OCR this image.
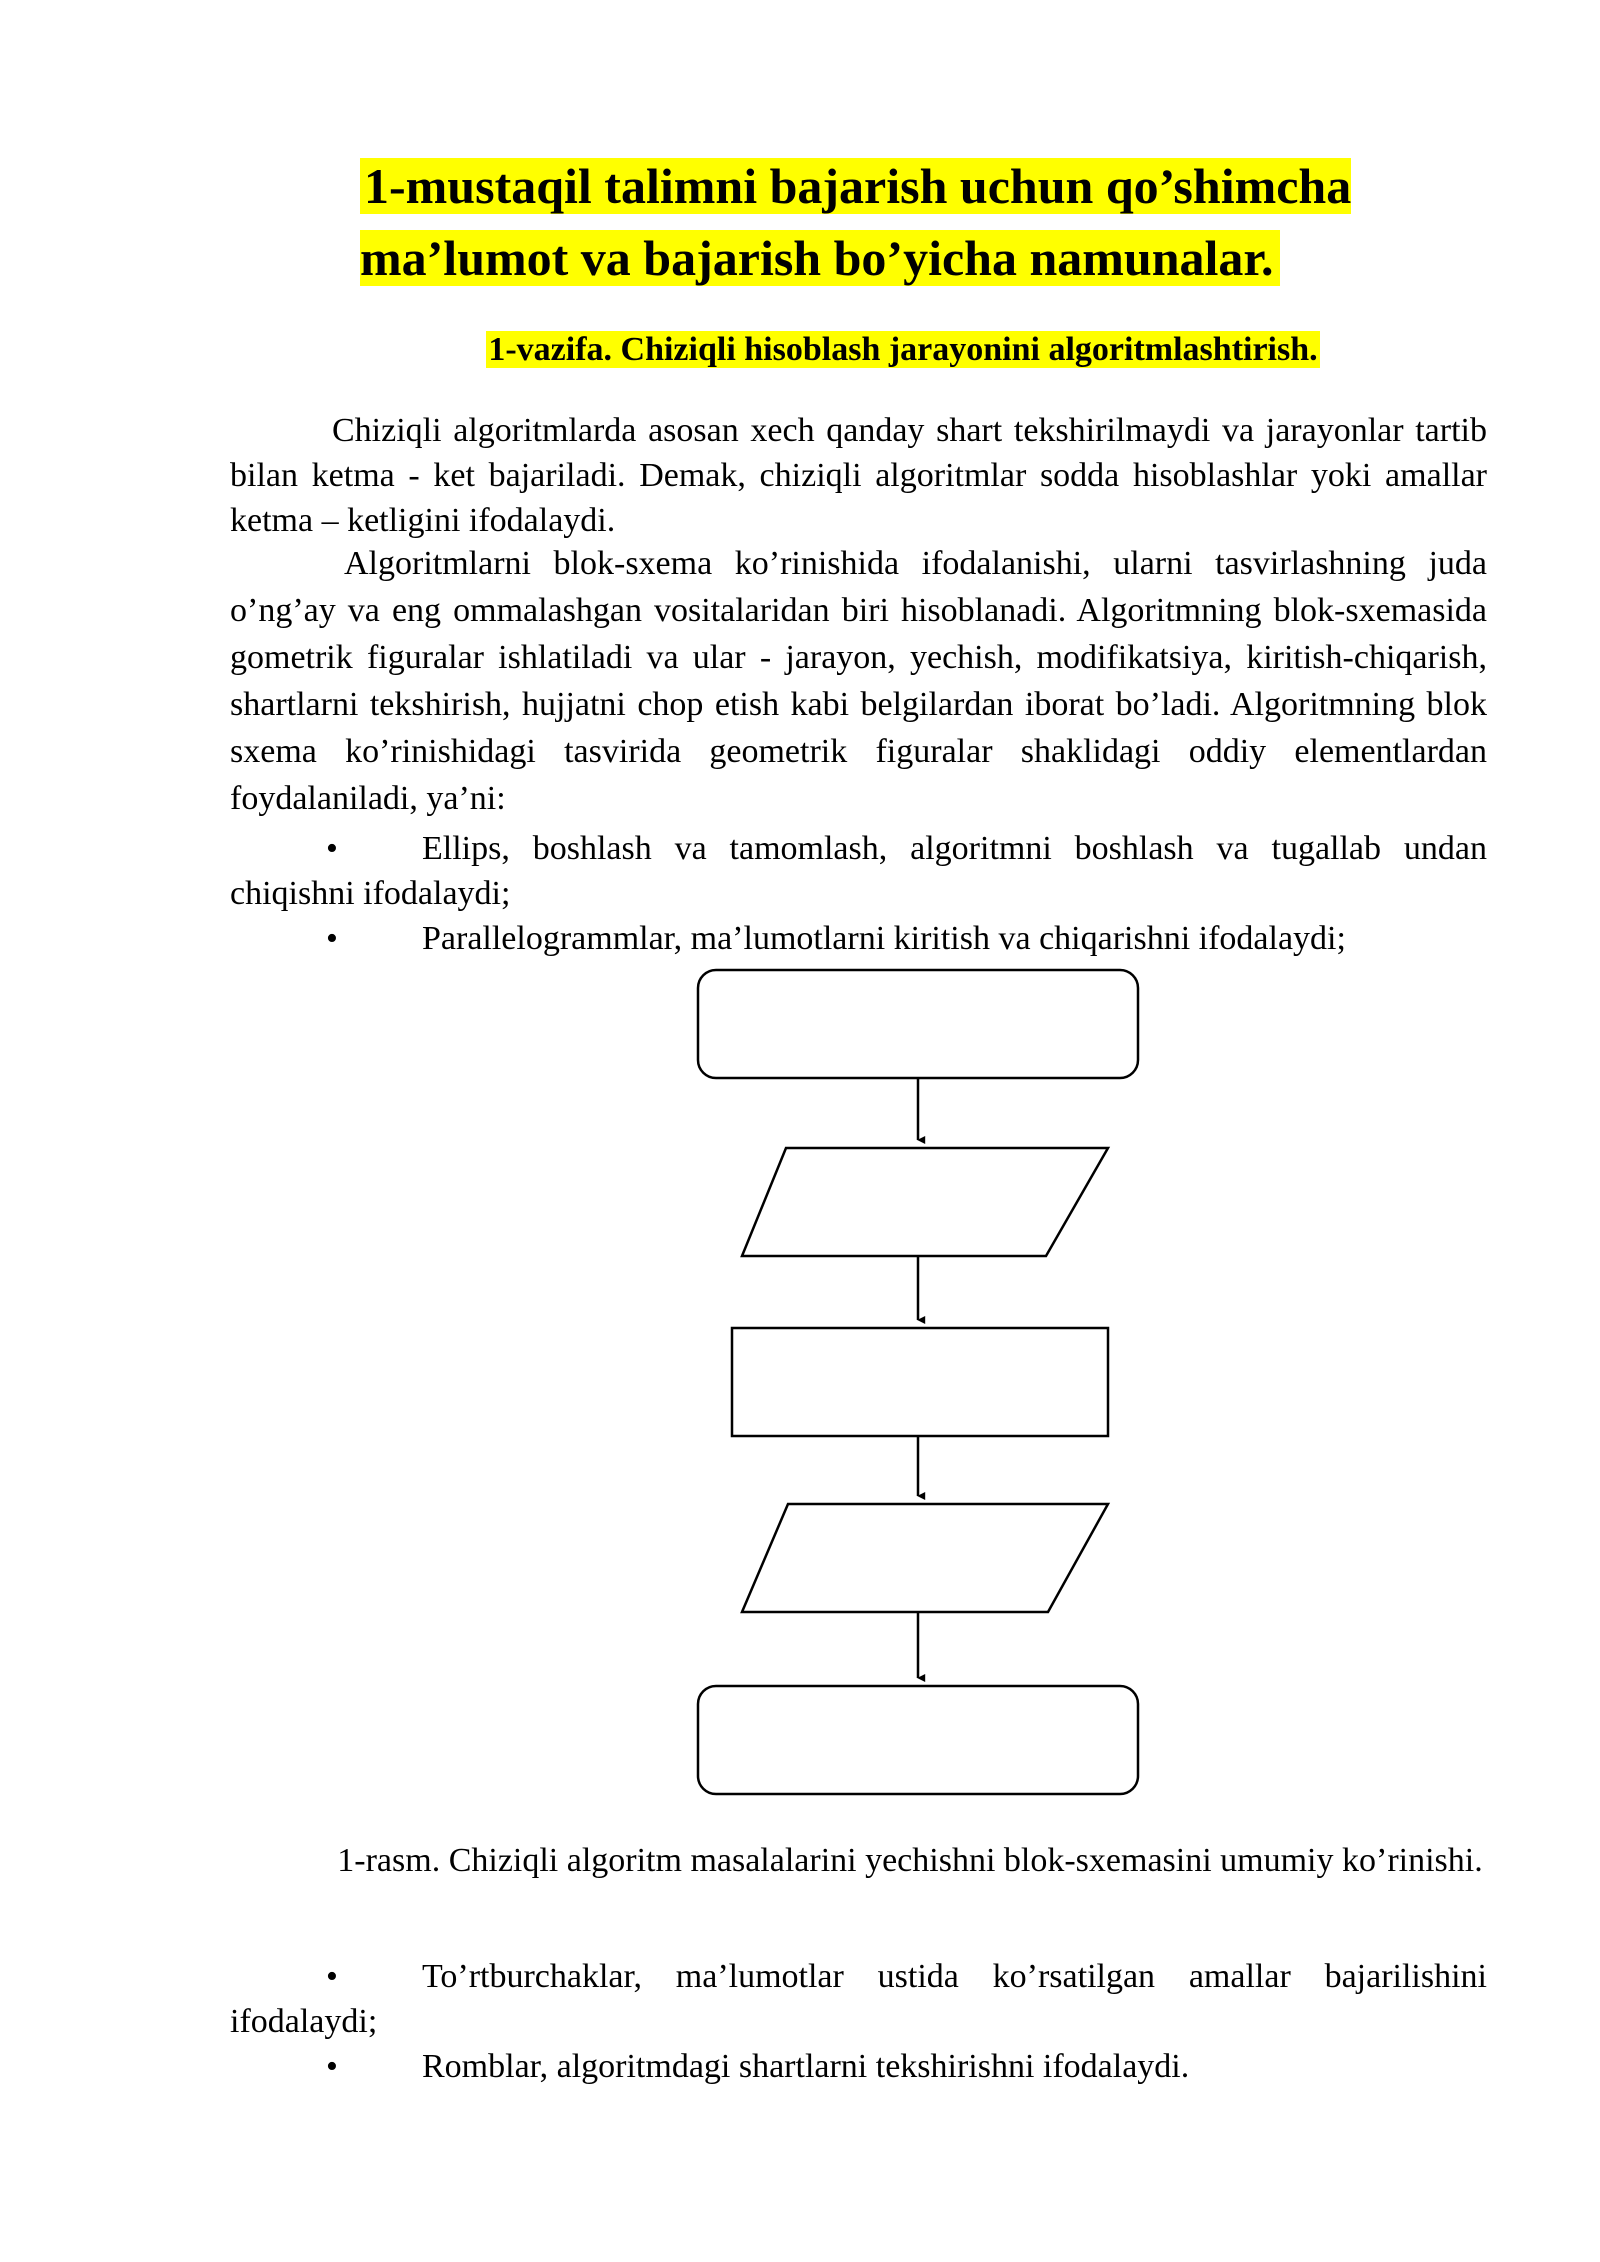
1-mustaqil talimni bajarish uchun qo’shimcha ma’lumot va bajarish bo’yicha namunalar.
1-vazifa. Chiziqli hisoblash jarayonini algoritmlashtirish.
Chiziqli algoritmlarda asosan xech qanday shart tekshirilmaydi va jarayonlar tartib bilan ketma - ket bajariladi. Demak, chiziqli algoritmlar sodda hisoblashlar yoki amallar ketma – ketligini ifodalaydi.
Algoritmlarni blok-sxema ko’rinishida ifodalanishi, ularni tasvirlashning juda o’ng’ay va eng ommalashgan vositalaridan biri hisoblanadi. Algoritmning blok-sxemasida gometrik figuralar ishlatiladi va ular - jarayon, yechish, modifikatsiya, kiritish-chiqarish, shartlarni tekshirish, hujjatni chop etish kabi belgilardan iborat bo’ladi. Algoritmning blok sxema ko’rinishidagi tasvirida geometrik figuralar shaklidagi oddiy elementlardan foydalaniladi, ya’ni:
•	Ellips, boshlash va tamomlash, algoritmni boshlash va tugallab undan chiqishni ifodalaydi;
•	Parallelogrammlar, ma’lumotlarni kiritish va chiqarishni ifodalaydi;
1-rasm. Chiziqli algoritm masalalarini yechishni blok-sxemasini umumiy ko’rinishi.
•	To’rtburchaklar, ma’lumotlar ustida ko’rsatilgan amallar bajarilishini ifodalaydi;
•	Romblar, algoritmdagi shartlarni tekshirishni ifodalaydi.
